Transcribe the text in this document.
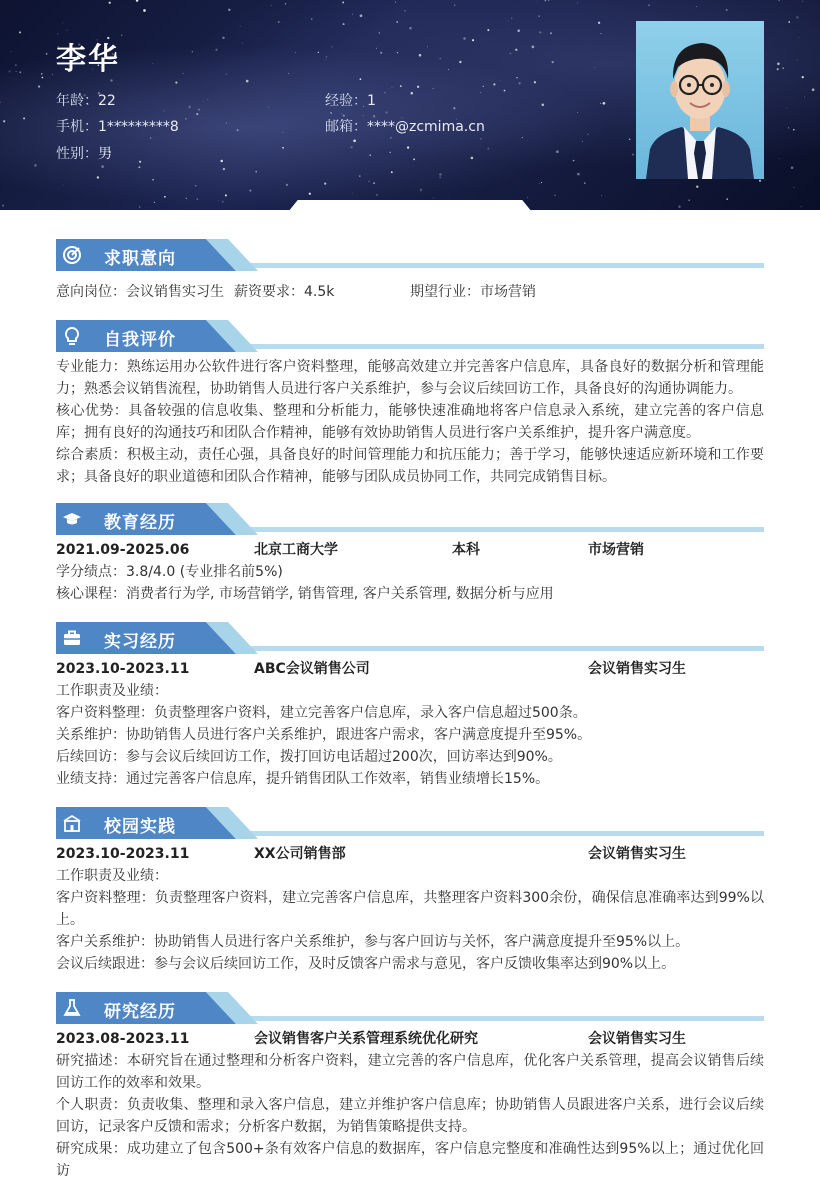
李华
年龄：22	经验：1
手机：1*********8	邮箱：****@zcmima.cn
性别：男
求职意向
意向岗位：会议销售实习生 薪资要求：4.5k	期望行业：市场营销
自我评价

专业能力：熟练运用办公软件进行客户资料整理，能够高效建立并完善客户信息库，具备良好的数据分析和管理能力；熟悉会议销售流程，协助销售人员进行客户关系维护，参与会议后续回访工作，具备良好的沟通协调能力。

核心优势：具备较强的信息收集、整理和分析能力，能够快速准确地将客户信息录入系统，建立完善的客户信息库；拥有良好的沟通技巧和团队合作精神，能够有效协助销售人员进行客户关系维护，提升客户满意度。

综合素质：积极主动，责任心强，具备良好的时间管理能力和抗压能力；善于学习，能够快速适应新环境和工作要求；具备良好的职业道德和团队合作精神，能够与团队成员协同工作，共同完成销售目标。

教育经历
2021.09-2025.06	北京工商大学	本科	市场营销
学分绩点：3.8/4.0 (专业排名前5%)
核心课程：消费者行为学, 市场营销学, 销售管理, 客户关系管理, 数据分析与应用
实习经历
2023.10-2023.11	ABC会议销售公司	会议销售实习生
工作职责及业绩：
客户资料整理：负责整理客户资料，建立完善客户信息库，录入客户信息超过500条。
关系维护：协助销售人员进行客户关系维护，跟进客户需求，客户满意度提升至95%。
后续回访：参与会议后续回访工作，拨打回访电话超过200次，回访率达到90%。
业绩支持：通过完善客户信息库，提升销售团队工作效率，销售业绩增长15%。
校园实践
2023.10-2023.11	XX公司销售部	会议销售实习生
工作职责及业绩：
客户资料整理：负责整理客户资料，建立完善客户信息库，共整理客户资料300余份，确保信息准确率达到99%以上。
客户关系维护：协助销售人员进行客户关系维护，参与客户回访与关怀，客户满意度提升至95%以上。
会议后续跟进：参与会议后续回访工作，及时反馈客户需求与意见，客户反馈收集率达到90%以上。
研究经历
2023.08-2023.11	会议销售客户关系管理系统优化研究	会议销售实习生
研究描述：本研究旨在通过整理和分析客户资料，建立完善的客户信息库，优化客户关系管理，提高会议销售后续回访工作的效率和效果。
个人职责：负责收集、整理和录入客户信息，建立并维护客户信息库；协助销售人员跟进客户关系，进行会议后续回访，记录客户反馈和需求；分析客户数据，为销售策略提供支持。
研究成果：成功建立了包含500+条有效客户信息的数据库，客户信息完整度和准确性达到95%以上；通过优化回访
